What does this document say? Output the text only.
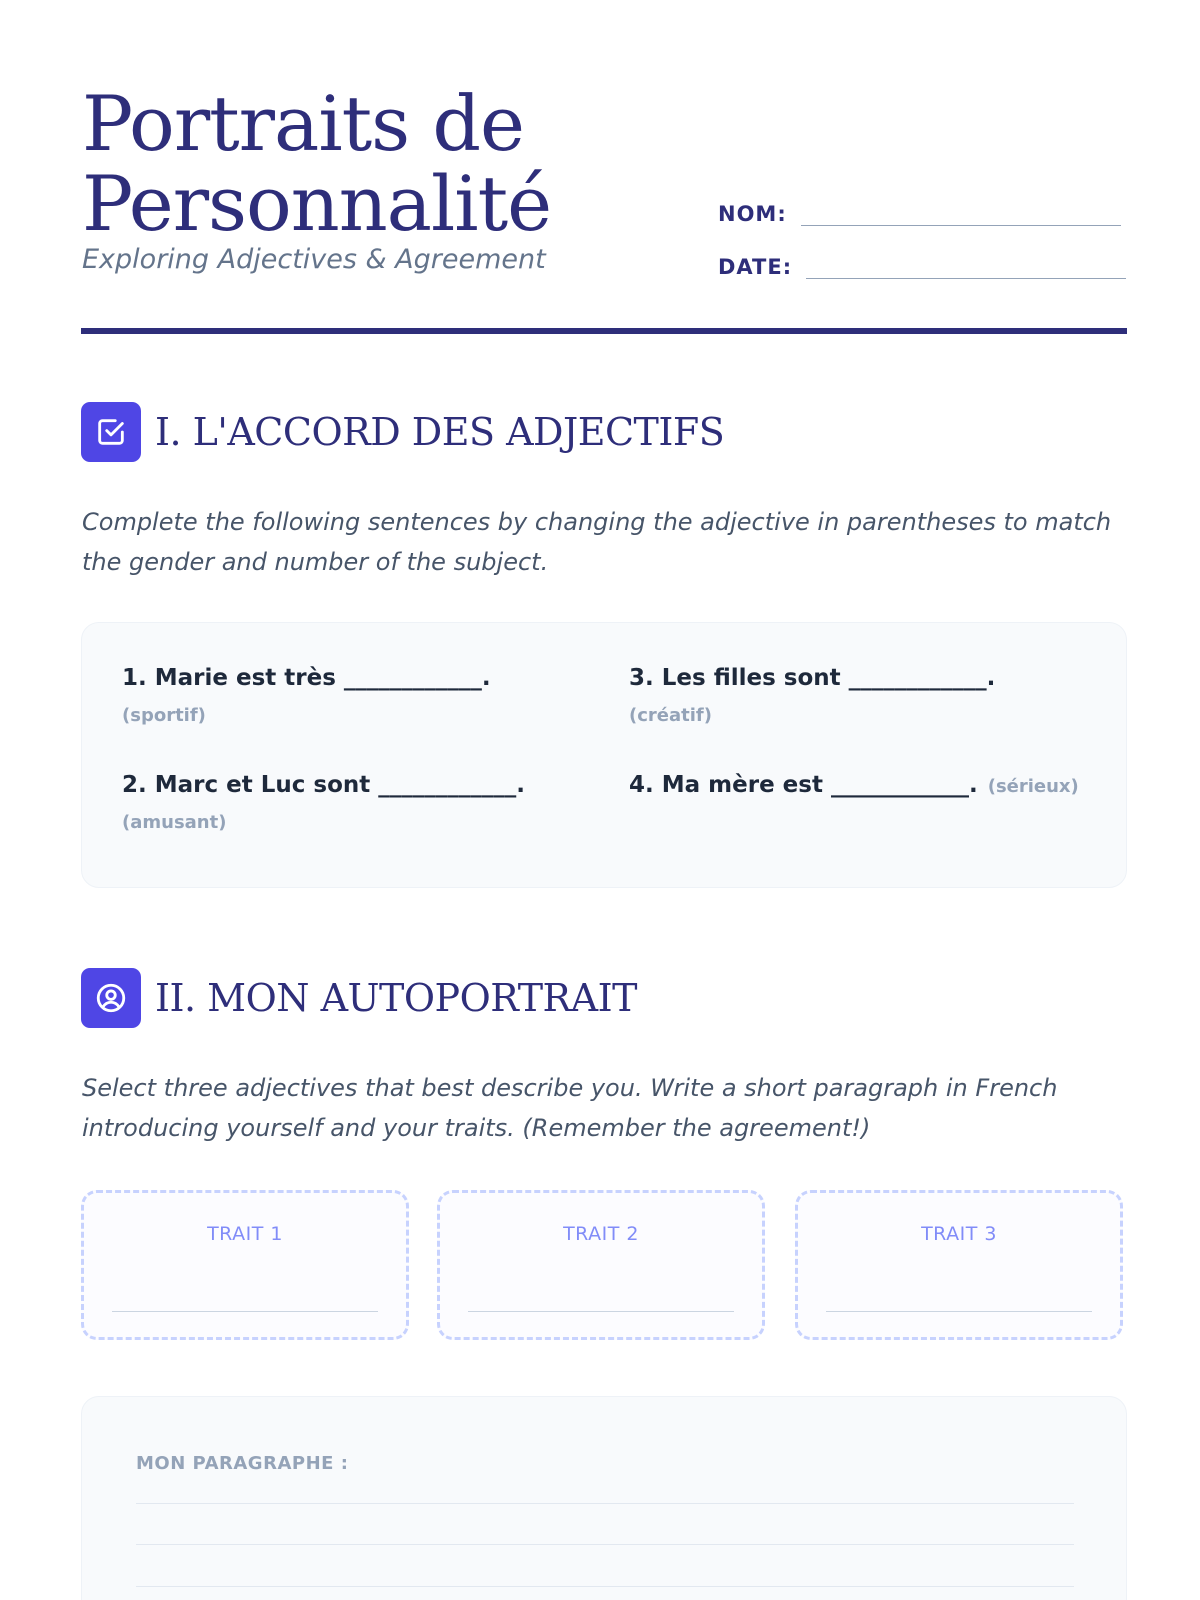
Portraits de
Personnalité
Exploring Adjectives & Agreement
NOM:
DATE:
I. L'ACCORD DES ADJECTIFS
Complete the following sentences by changing the adjective in parentheses to match the gender and number of the subject.
1. Marie est très ____________.
(sportif)
2. Marc et Luc sont ____________.
(amusant)
3. Les filles sont ____________.
(créatif)
4. Ma mère est ____________. (sérieux)
II. MON AUTOPORTRAIT
Select three adjectives that best describe you. Write a short paragraph in French introducing yourself and your traits. (Remember the agreement!)
TRAIT 1	TRAIT 2	TRAIT 3
MON PARAGRAPHE :
